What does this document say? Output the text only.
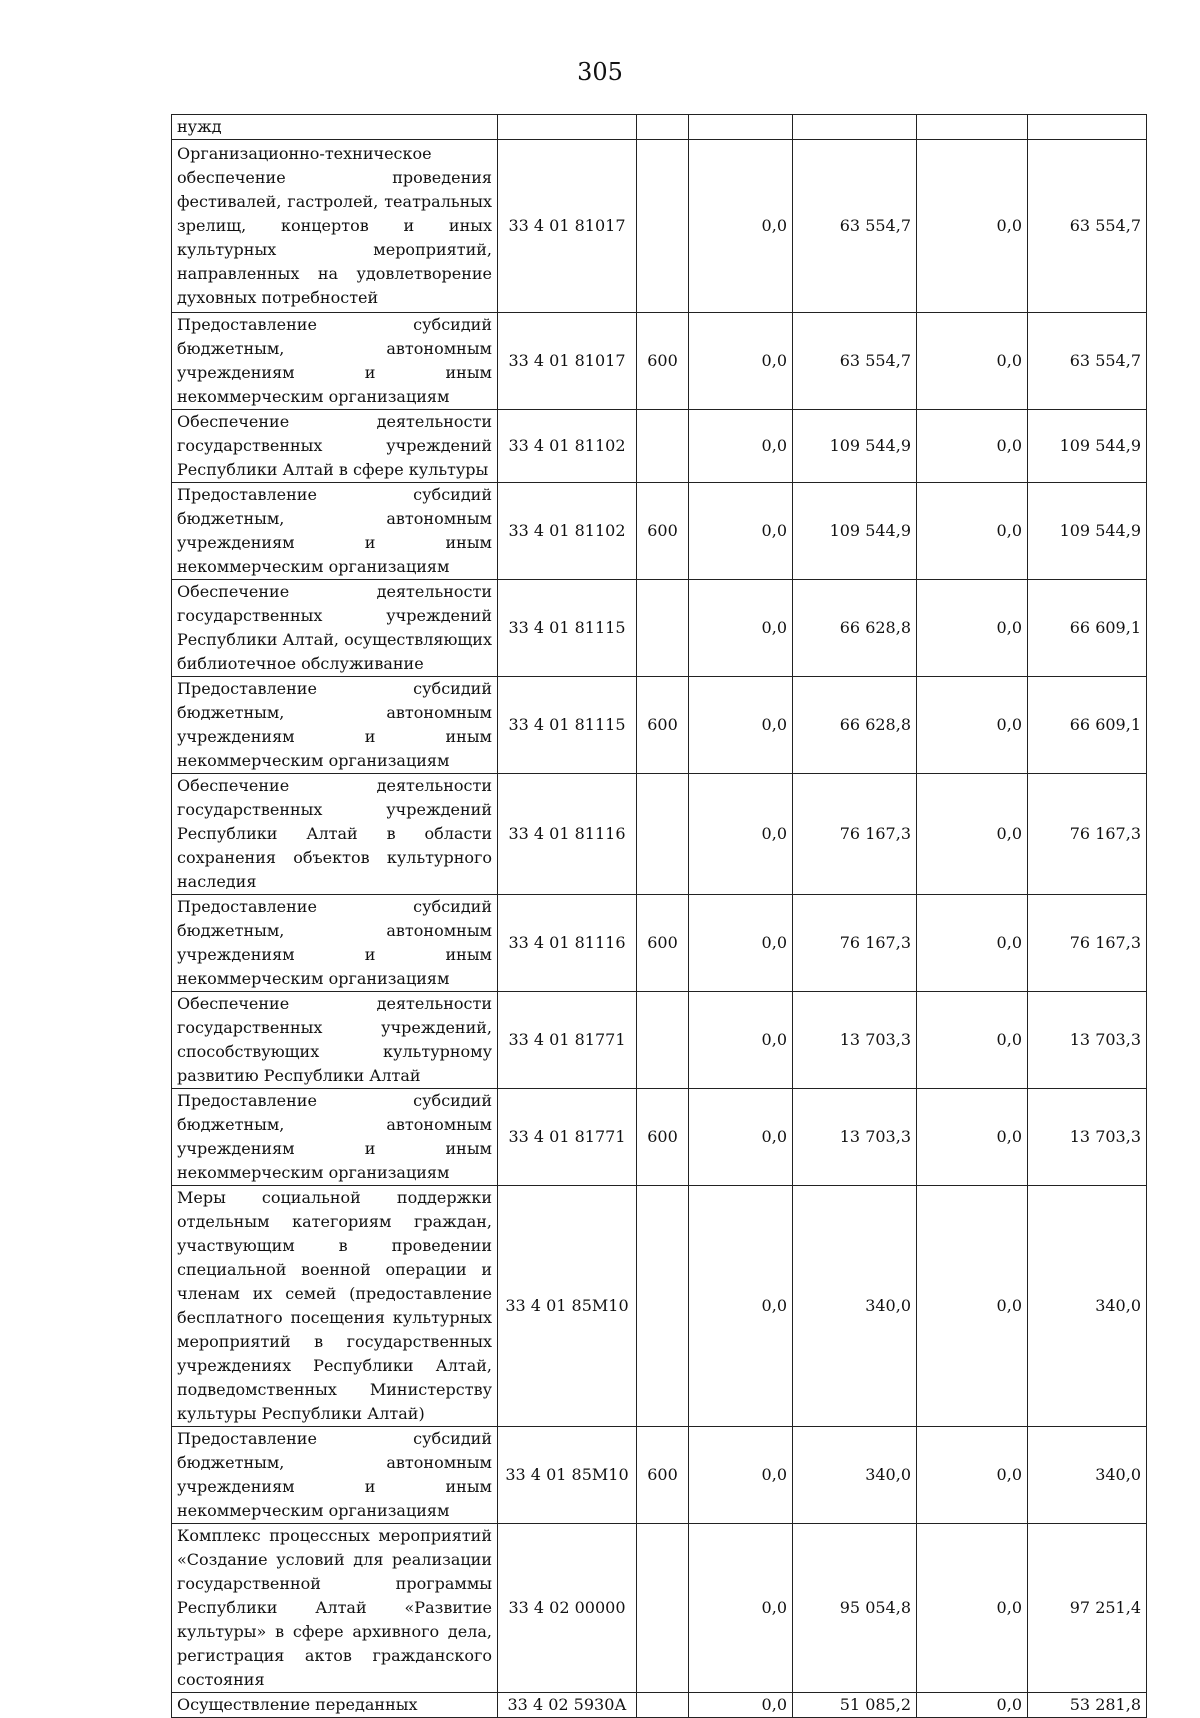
305
нужд						
Организационно-техническое обеспечение проведения фестивалей, гастролей, театральных зрелищ, концертов и иных культурных мероприятий, направленных на удовлетворение духовных потребностей	33 4 01 81017		0,0	63 554,7	0,0	63 554,7
Предоставление субсидий бюджетным, автономным учреждениям и иным некоммерческим организациям	33 4 01 81017	600	0,0	63 554,7	0,0	63 554,7
Обеспечение деятельности государственных учреждений Республики Алтай в сфере культуры	33 4 01 81102		0,0	109 544,9	0,0	109 544,9
Предоставление субсидий бюджетным, автономным учреждениям и иным некоммерческим организациям	33 4 01 81102	600	0,0	109 544,9	0,0	109 544,9
Обеспечение деятельности государственных учреждений Республики Алтай, осуществляющих библиотечное обслуживание	33 4 01 81115		0,0	66 628,8	0,0	66 609,1
Предоставление субсидий бюджетным, автономным учреждениям и иным некоммерческим организациям	33 4 01 81115	600	0,0	66 628,8	0,0	66 609,1
Обеспечение деятельности государственных учреждений Республики Алтай в области сохранения объектов культурного наследия	33 4 01 81116		0,0	76 167,3	0,0	76 167,3
Предоставление субсидий бюджетным, автономным учреждениям и иным некоммерческим организациям	33 4 01 81116	600	0,0	76 167,3	0,0	76 167,3
Обеспечение деятельности государственных учреждений, способствующих культурному развитию Республики Алтай	33 4 01 81771		0,0	13 703,3	0,0	13 703,3
Предоставление субсидий бюджетным, автономным учреждениям и иным некоммерческим организациям	33 4 01 81771	600	0,0	13 703,3	0,0	13 703,3
Меры социальной поддержки отдельным категориям граждан, участвующим в проведении специальной военной операции и членам их семей (предоставление бесплатного посещения культурных мероприятий в государственных учреждениях Республики Алтай, подведомственных Министерству культуры Республики Алтай)	33 4 01 85М10		0,0	340,0	0,0	340,0
Предоставление субсидий бюджетным, автономным учреждениям и иным некоммерческим организациям	33 4 01 85М10	600	0,0	340,0	0,0	340,0
Комплекс процессных мероприятий «Создание условий для реализации государственной программы Республики Алтай «Развитие культуры» в сфере архивного дела, регистрация актов гражданского состояния	33 4 02 00000		0,0	95 054,8	0,0	97 251,4
Осуществление переданных	33 4 02 5930А		0,0	51 085,2	0,0	53 281,8
